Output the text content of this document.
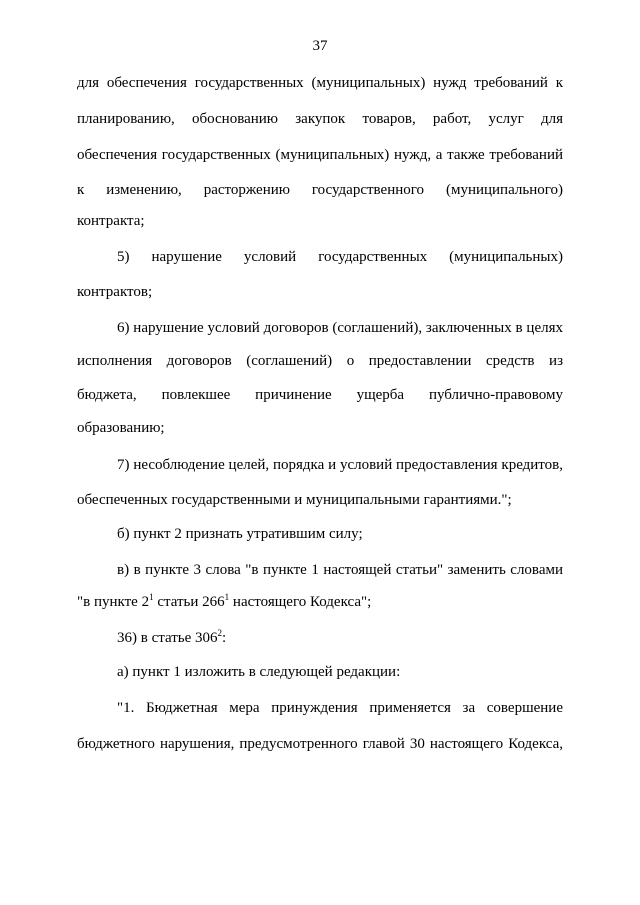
37
для обеспечения государственных (муниципальных) нужд требований к
планированию, обоснованию закупок товаров, работ, услуг для
обеспечения государственных (муниципальных) нужд, а также требований
к изменению, расторжению государственного (муниципального)
контракта;
5) нарушение условий государственных (муниципальных)
контрактов;
6) нарушение условий договоров (соглашений), заключенных в целях
исполнения договоров (соглашений) о предоставлении средств из
бюджета, повлекшее причинение ущерба публично-правовому
образованию;
7) несоблюдение целей, порядка и условий предоставления кредитов,
обеспеченных государственными и муниципальными гарантиями.";
б) пункт 2 признать утратившим силу;
в) в пункте 3 слова "в пункте 1 настоящей статьи" заменить словами
"в пункте $2^1$ статьи $266^1$ настоящего Кодекса";
36) в статье $306^2$:
а) пункт 1 изложить в следующей редакции:
"1. Бюджетная мера принуждения применяется за совершение
бюджетного нарушения, предусмотренного главой 30 настоящего Кодекса,
